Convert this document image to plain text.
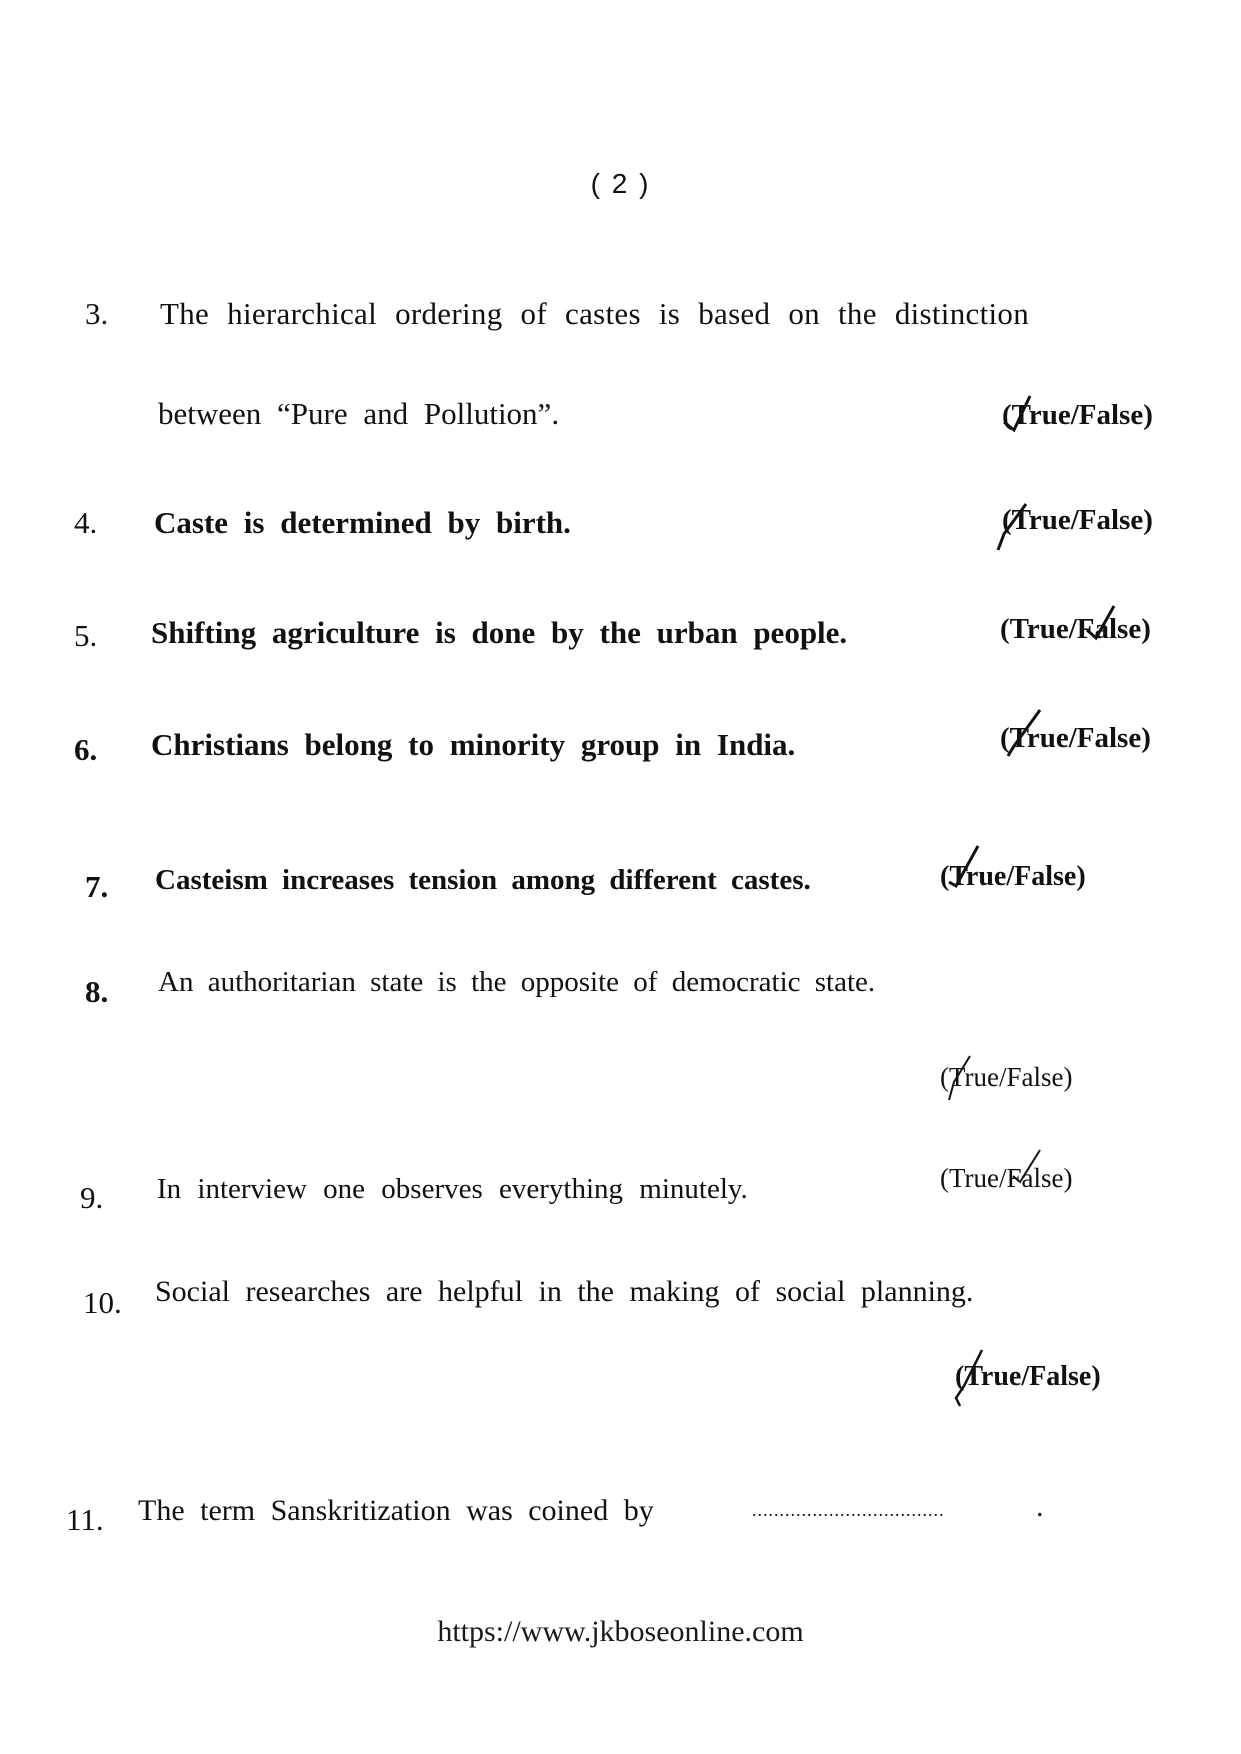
( 2 )
3. The hierarchical ordering of castes is based on the distinction
between “Pure and Pollution”.	(True/False)
4. Caste is determined by birth.	(True/False)
5. Shifting agriculture is done by the urban people.	(True/False)
6. Christians belong to minority group in India.	(True/False)
7. Casteism increases tension among different castes.	(True/False)
8. An authoritarian state is the opposite of democratic state.
(True/False)
9. In interview one observes everything minutely.	(True/False)
10. Social researches are helpful in the making of social planning.
(True/False)
11. The term Sanskritization was coined by	...................................	.
https://www.jkboseonline.com
